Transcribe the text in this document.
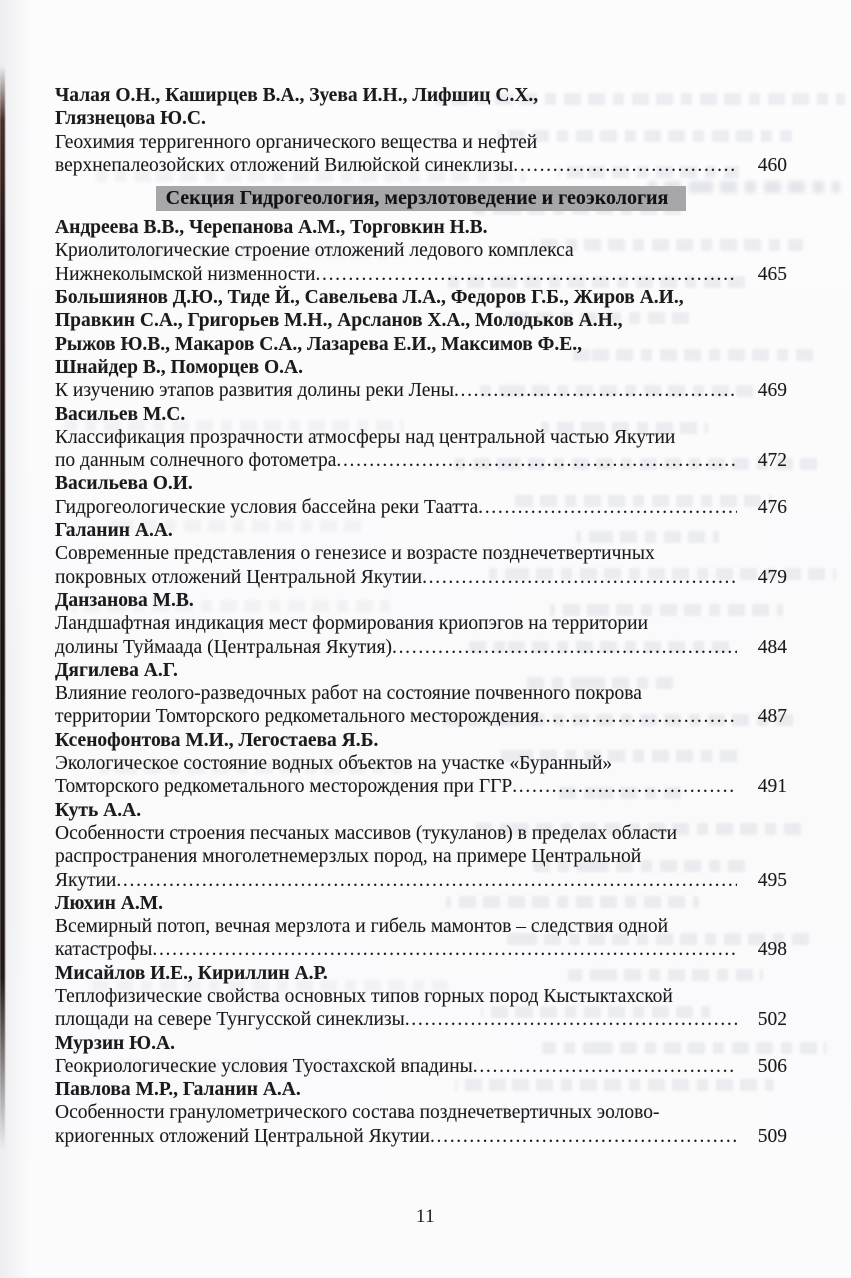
Чалая О.Н., Каширцев В.А., Зуева И.Н., Лифшиц С.Х.,
Глязнецова Ю.С.
Геохимия терригенного органического вещества и нефтей
верхнепалеозойских отложений Вилюйской синеклизы .....	460
Секция Гидрогеология, мерзлотоведение и геоэкология
Андреева В.В., Черепанова А.М., Торговкин Н.В.
Криолитологические строение отложений ледового комплекса
Нижнеколымской низменности .....	465
Большиянов Д.Ю., Тиде Й., Савельева Л.А., Федоров Г.Б., Жиров А.И.,
Правкин С.А., Григорьев М.Н., Арсланов Х.А., Молодьков А.Н.,
Рыжов Ю.В., Макаров С.А., Лазарева Е.И., Максимов Ф.Е.,
Шнайдер В., Поморцев О.А.
К изучению этапов развития долины реки Лены .....	469
Васильев М.С.
Классификация прозрачности атмосферы над центральной частью Якутии
по данным солнечного фотометра .....	472
Васильева О.И.
Гидрогеологические условия бассейна реки Таатта .....	476
Галанин А.А.
Современные представления о генезисе и возрасте позднечетвертичных
покровных отложений Центральной Якутии .....	479
Данзанова М.В.
Ландшафтная индикация мест формирования криопэгов на территории
долины Туймаада (Центральная Якутия) .....	484
Дягилева А.Г.
Влияние геолого-разведочных работ на состояние почвенного покрова
территории Томторского редкометального месторождения .....	487
Ксенофонтова М.И., Легостаева Я.Б.
Экологическое состояние водных объектов на участке «Буранный»
Томторского редкометального месторождения при ГГР .....	491
Куть А.А.
Особенности строения песчаных массивов (тукуланов) в пределах области
распространения многолетнемерзлых пород, на примере Центральной
Якутии .....	495
Люхин А.М.
Всемирный потоп, вечная мерзлота и гибель мамонтов – следствия одной
катастрофы .....	498
Мисайлов И.Е., Кириллин А.Р.
Теплофизические свойства основных типов горных пород Кыстыктахской
площади на севере Тунгусской синеклизы .....	502
Мурзин Ю.А.
Геокриологические условия Туостахской впадины .....	506
Павлова М.Р., Галанин А.А.
Особенности гранулометрического состава позднечетвертичных эолово-
криогенных отложений Центральной Якутии .....	509
11
